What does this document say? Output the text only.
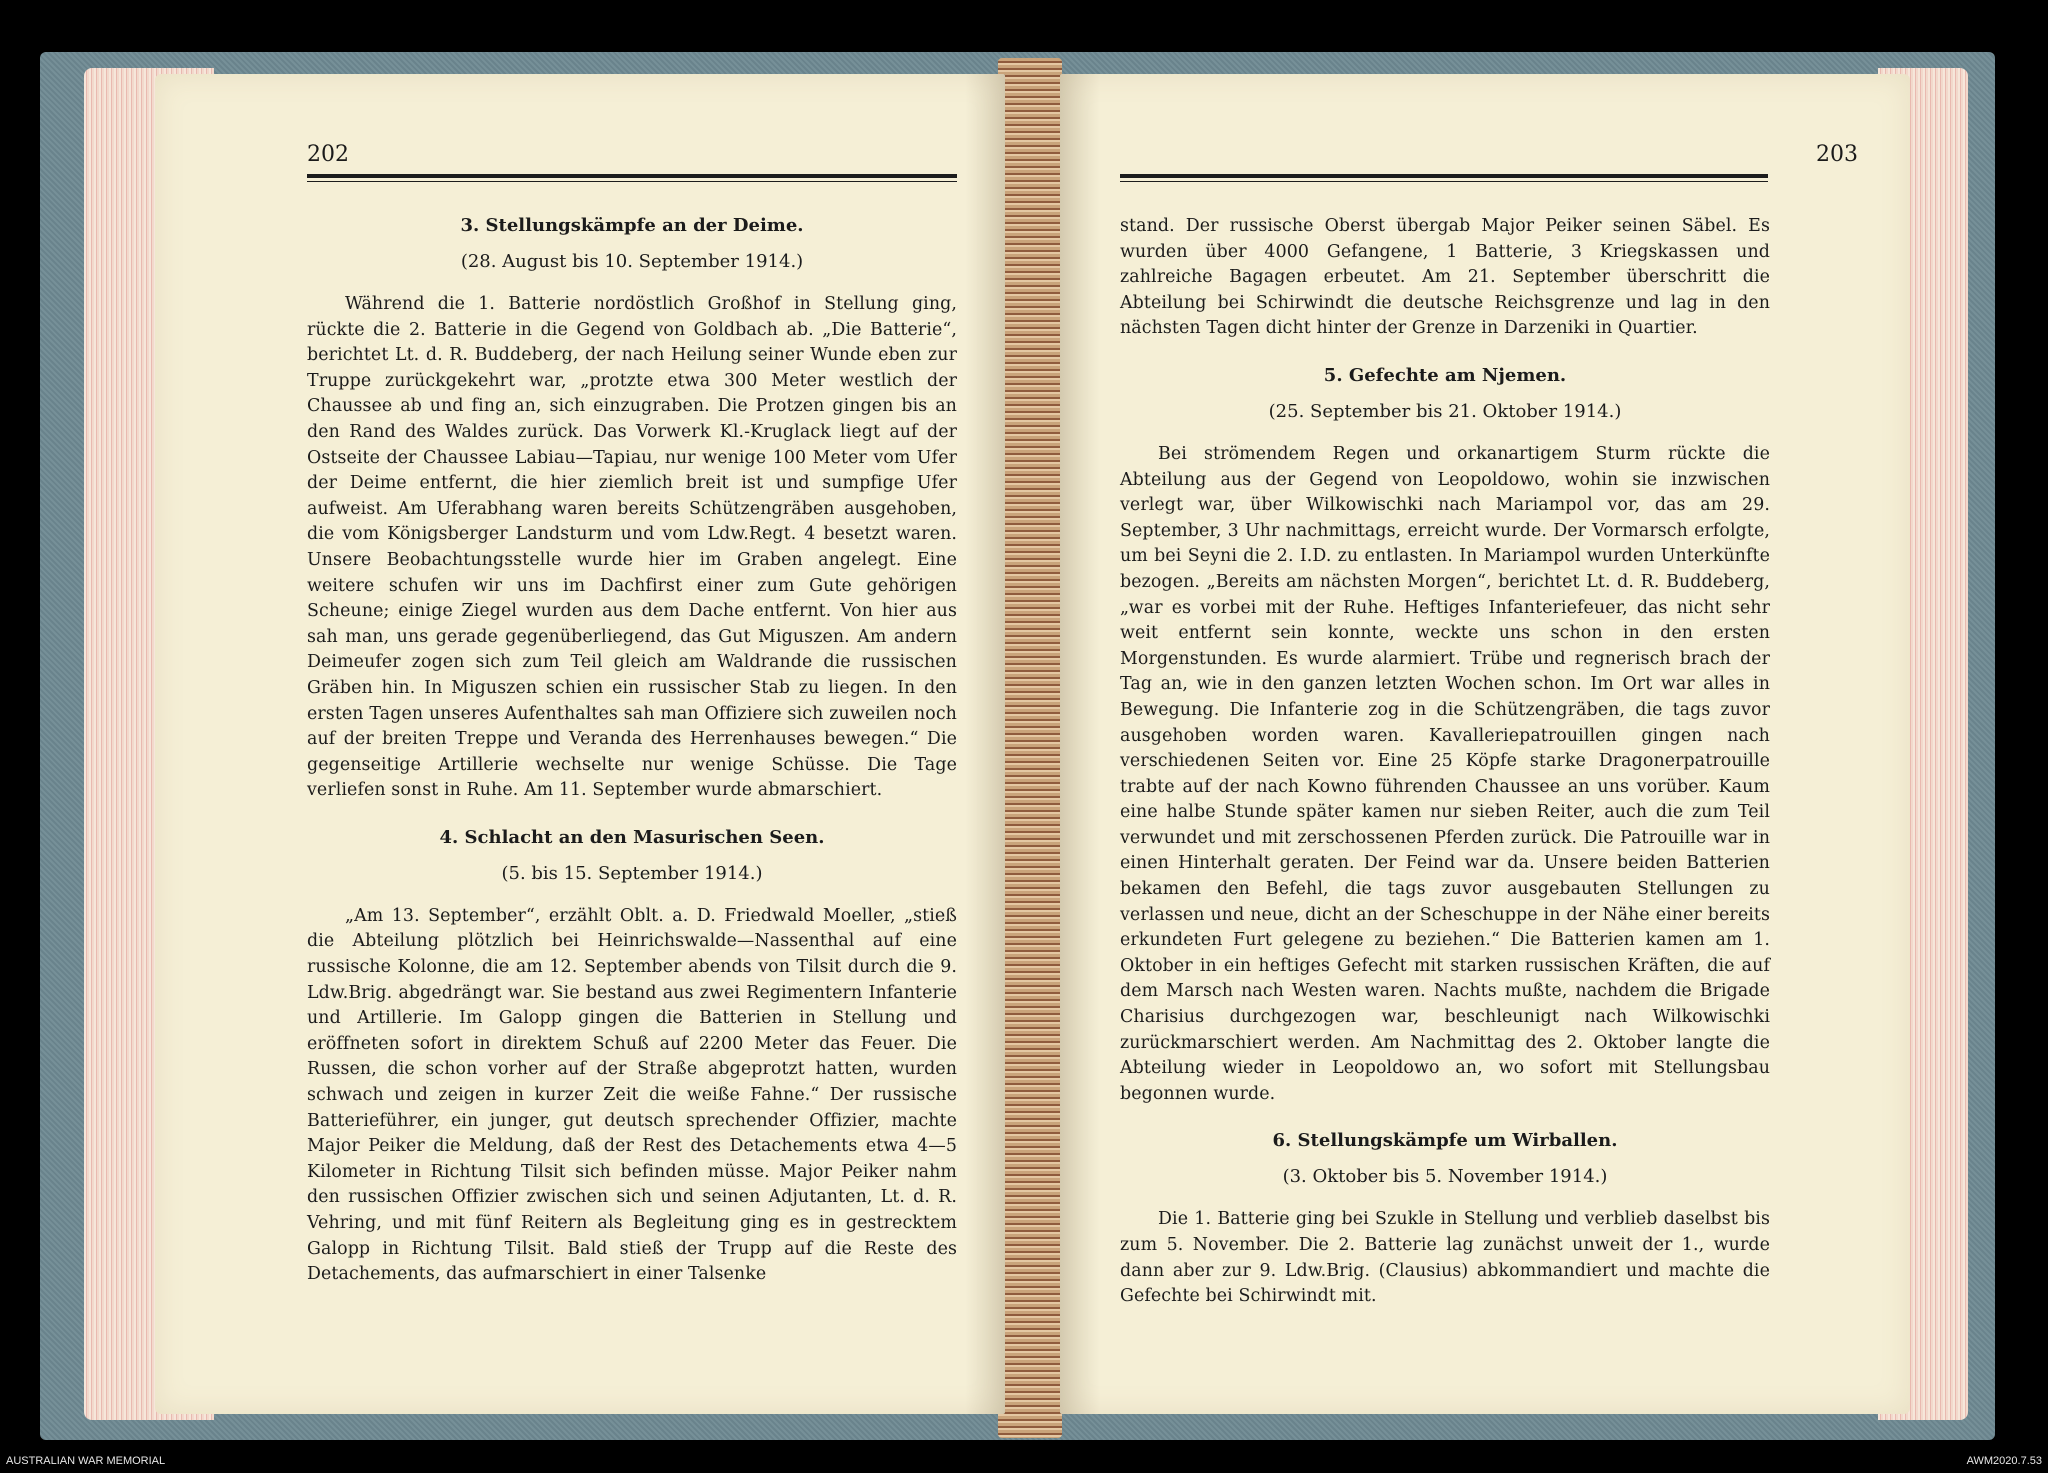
202
3. Stellungskämpfe an der Deime.
(28. August bis 10. September 1914.)

Während die 1. Batterie nordöstlich Großhof in Stellung ging, rückte die 2. Batterie in die Gegend von Goldbach ab. „Die Batterie“, berichtet Lt. d. R. Buddeberg, der nach Heilung seiner Wunde eben zur Truppe zurückgekehrt war, „protzte etwa 300 Meter westlich der Chaussee ab und fing an, sich einzugraben. Die Protzen gingen bis an den Rand des Waldes zurück. Das Vorwerk Kl.-Kruglack liegt auf der Ostseite der Chaussee Labiau—Tapiau, nur wenige 100 Meter vom Ufer der Deime entfernt, die hier ziemlich breit ist und sumpfige Ufer aufweist. Am Uferabhang waren bereits Schützengräben ausgehoben, die vom Königsberger Landsturm und vom Ldw.Regt. 4 besetzt waren. Unsere Beobachtungsstelle wurde hier im Graben angelegt. Eine weitere schufen wir uns im Dachfirst einer zum Gute gehörigen Scheune; einige Ziegel wurden aus dem Dache entfernt. Von hier aus sah man, uns gerade gegenüberliegend, das Gut Miguszen. Am andern Deimeufer zogen sich zum Teil gleich am Waldrande die russischen Gräben hin. In Miguszen schien ein russischer Stab zu liegen. In den ersten Tagen unseres Aufenthaltes sah man Offiziere sich zuweilen noch auf der breiten Treppe und Veranda des Herrenhauses bewegen.“ Die gegenseitige Artillerie wechselte nur wenige Schüsse. Die Tage verliefen sonst in Ruhe. Am 11. September wurde abmarschiert.

4. Schlacht an den Masurischen Seen.
(5. bis 15. September 1914.)

„Am 13. September“, erzählt Oblt. a. D. Friedwald Moeller, „stieß die Abteilung plötzlich bei Heinrichswalde—Nassenthal auf eine russische Kolonne, die am 12. September abends von Tilsit durch die 9. Ldw.Brig. abgedrängt war. Sie bestand aus zwei Regimentern Infanterie und Artillerie. Im Galopp gingen die Batterien in Stellung und eröffneten sofort in direktem Schuß auf 2200 Meter das Feuer. Die Russen, die schon vorher auf der Straße abgeprotzt hatten, wurden schwach und zeigen in kurzer Zeit die weiße Fahne.“ Der russische Batterieführer, ein junger, gut deutsch sprechender Offizier, machte Major Peiker die Meldung, daß der Rest des Detachements etwa 4—5 Kilometer in Richtung Tilsit sich befinden müsse. Major Peiker nahm den russischen Offizier zwischen sich und seinen Adjutanten, Lt. d. R. Vehring, und mit fünf Reitern als Begleitung ging es in gestrecktem Galopp in Richtung Tilsit. Bald stieß der Trupp auf die Reste des Detachements, das aufmarschiert in einer Talsenke

203

stand. Der russische Oberst übergab Major Peiker seinen Säbel. Es wurden über 4000 Gefangene, 1 Batterie, 3 Kriegskassen und zahlreiche Bagagen erbeutet. Am 21. September überschritt die Abteilung bei Schirwindt die deutsche Reichsgrenze und lag in den nächsten Tagen dicht hinter der Grenze in Darzeniki in Quartier.

5. Gefechte am Njemen.
(25. September bis 21. Oktober 1914.)

Bei strömendem Regen und orkanartigem Sturm rückte die Abteilung aus der Gegend von Leopoldowo, wohin sie inzwischen verlegt war, über Wilkowischki nach Mariampol vor, das am 29. September, 3 Uhr nachmittags, erreicht wurde. Der Vormarsch erfolgte, um bei Seyni die 2. I.D. zu entlasten. In Mariampol wurden Unterkünfte bezogen. „Bereits am nächsten Morgen“, berichtet Lt. d. R. Buddeberg, „war es vorbei mit der Ruhe. Heftiges Infanteriefeuer, das nicht sehr weit entfernt sein konnte, weckte uns schon in den ersten Morgenstunden. Es wurde alarmiert. Trübe und regnerisch brach der Tag an, wie in den ganzen letzten Wochen schon. Im Ort war alles in Bewegung. Die Infanterie zog in die Schützengräben, die tags zuvor ausgehoben worden waren. Kavalleriepatrouillen gingen nach verschiedenen Seiten vor. Eine 25 Köpfe starke Dragonerpatrouille trabte auf der nach Kowno führenden Chaussee an uns vorüber. Kaum eine halbe Stunde später kamen nur sieben Reiter, auch die zum Teil verwundet und mit zerschossenen Pferden zurück. Die Patrouille war in einen Hinterhalt geraten. Der Feind war da. Unsere beiden Batterien bekamen den Befehl, die tags zuvor ausgebauten Stellungen zu verlassen und neue, dicht an der Scheschuppe in der Nähe einer bereits erkundeten Furt gelegene zu beziehen.“ Die Batterien kamen am 1. Oktober in ein heftiges Gefecht mit starken russischen Kräften, die auf dem Marsch nach Westen waren. Nachts mußte, nachdem die Brigade Charisius durchgezogen war, beschleunigt nach Wilkowischki zurückmarschiert werden. Am Nachmittag des 2. Oktober langte die Abteilung wieder in Leopoldowo an, wo sofort mit Stellungsbau begonnen wurde.

6. Stellungskämpfe um Wirballen.
(3. Oktober bis 5. November 1914.)

Die 1. Batterie ging bei Szukle in Stellung und verblieb daselbst bis zum 5. November. Die 2. Batterie lag zunächst unweit der 1., wurde dann aber zur 9. Ldw.Brig. (Clausius) abkommandiert und machte die Gefechte bei Schirwindt mit.

AUSTRALIAN WAR MEMORIAL	AWM2020.7.53
